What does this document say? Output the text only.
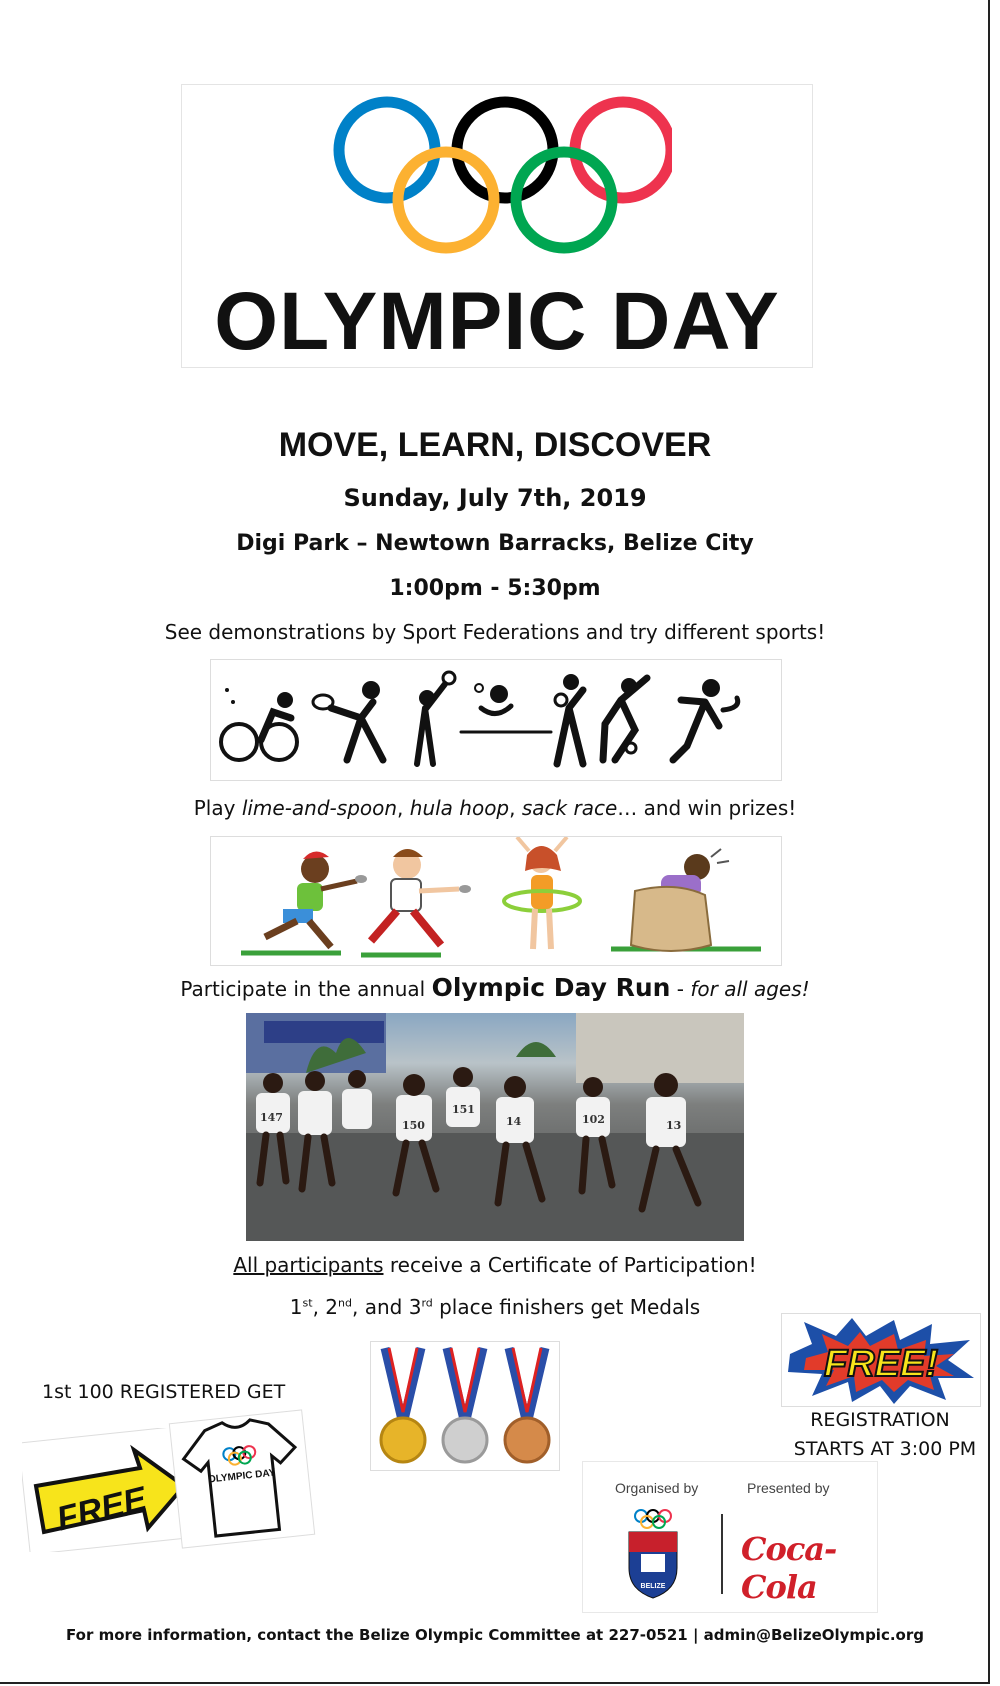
OLYMPIC DAY
MOVE, LEARN, DISCOVER
Sunday, July 7th, 2019
Digi Park – Newtown Barracks, Belize City
1:00pm - 5:30pm
See demonstrations by Sport Federations and try different sports!
Play lime-and-spoon, hula hoop, sack race… and win prizes!
Participate in the annual Olympic Day Run - for all ages!
147
150
151
14	102	13
All participants receive a Certificate of Participation!
1st, 2nd, and 3rd place finishers get Medals
1st 100 REGISTERED GET
FREE
OLYMPIC DAY
FREE!
REGISTRATION
STARTS AT 3:00 PM
Organised by	Presented by
BELIZE
Coca-Cola
For more information, contact the Belize Olympic Committee at 227-0521 | admin@BelizeOlympic.org
